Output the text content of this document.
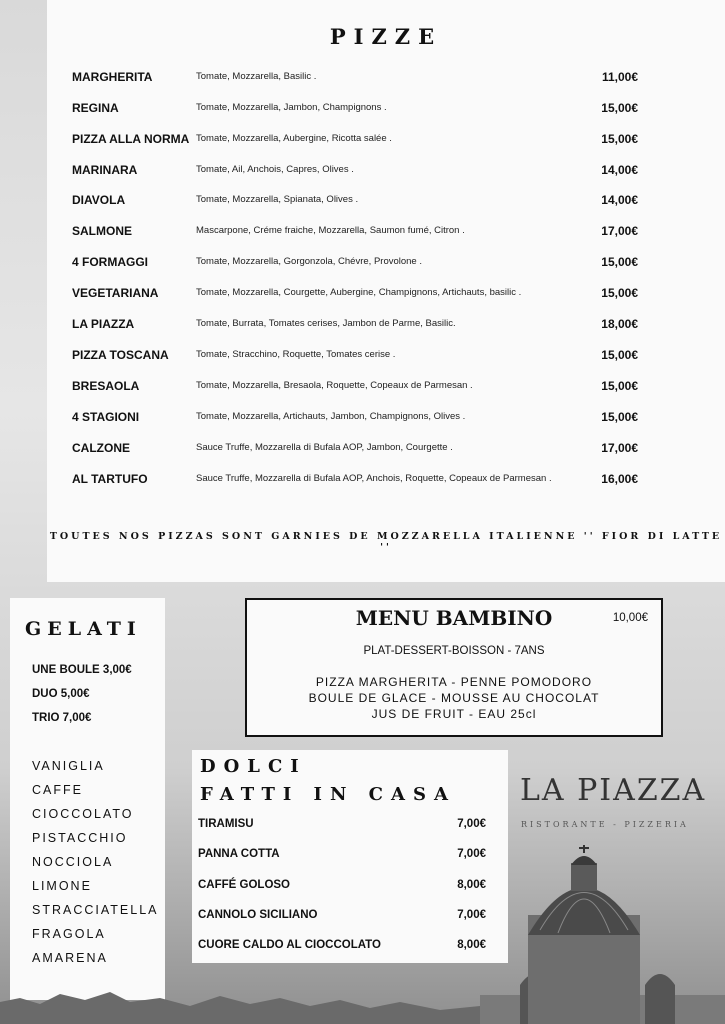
PIZZE
MARGHERITA	Tomate, Mozzarella, Basilic .	11,00€
REGINA	Tomate, Mozzarella, Jambon, Champignons .	15,00€
PIZZA ALLA NORMA Tomate, Mozzarella, Aubergine, Ricotta salée .	15,00€
MARINARA	Tomate, Ail, Anchois, Capres, Olives .	14,00€
DIAVOLA	Tomate, Mozzarella, Spianata, Olives .	14,00€
SALMONE	Mascarpone, Créme fraiche, Mozzarella, Saumon fumé, Citron .	17,00€
4 FORMAGGI	Tomate, Mozzarella, Gorgonzola, Chévre, Provolone .	15,00€
VEGETARIANA	Tomate, Mozzarella, Courgette, Aubergine, Champignons, Artichauts, basilic .	15,00€
LA PIAZZA	Tomate, Burrata, Tomates cerises, Jambon de Parme, Basilic.	18,00€
PIZZA TOSCANA	Tomate, Stracchino, Roquette, Tomates cerise .	15,00€
BRESAOLA	Tomate, Mozzarella, Bresaola, Roquette, Copeaux de Parmesan .	15,00€
4 STAGIONI	Tomate, Mozzarella, Artichauts, Jambon, Champignons, Olives .	15,00€
CALZONE	Sauce Truffe, Mozzarella di Bufala AOP, Jambon, Courgette .	17,00€
AL TARTUFO	Sauce Truffe, Mozzarella di Bufala AOP, Anchois, Roquette, Copeaux de Parmesan .	16,00€
TOUTES NOS PIZZAS SONT GARNIES DE MOZZARELLA ITALIENNE '' FIOR DI LATTE ''
GELATI
UNE BOULE 3,00€
DUO 5,00€
TRIO 7,00€
VANIGLIA
CAFFE
CIOCCOLATO
PISTACCHIO
NOCCIOLA
LIMONE
STRACCIATELLA
FRAGOLA
AMARENA
MENU BAMBINO	10,00€
PLAT-DESSERT-BOISSON - 7ANS
PIZZA MARGHERITA - PENNE POMODORO
BOULE DE GLACE - MOUSSE AU CHOCOLAT
JUS DE FRUIT - EAU 25cl
DOLCI
FATTI IN CASA
TIRAMISU	7,00€
PANNA COTTA	7,00€
CAFFÉ GOLOSO	8,00€
CANNOLO SICILIANO	7,00€
CUORE CALDO AL CIOCCOLATO	8,00€
LA PIAZZA
RISTORANTE - PIZZERIA
